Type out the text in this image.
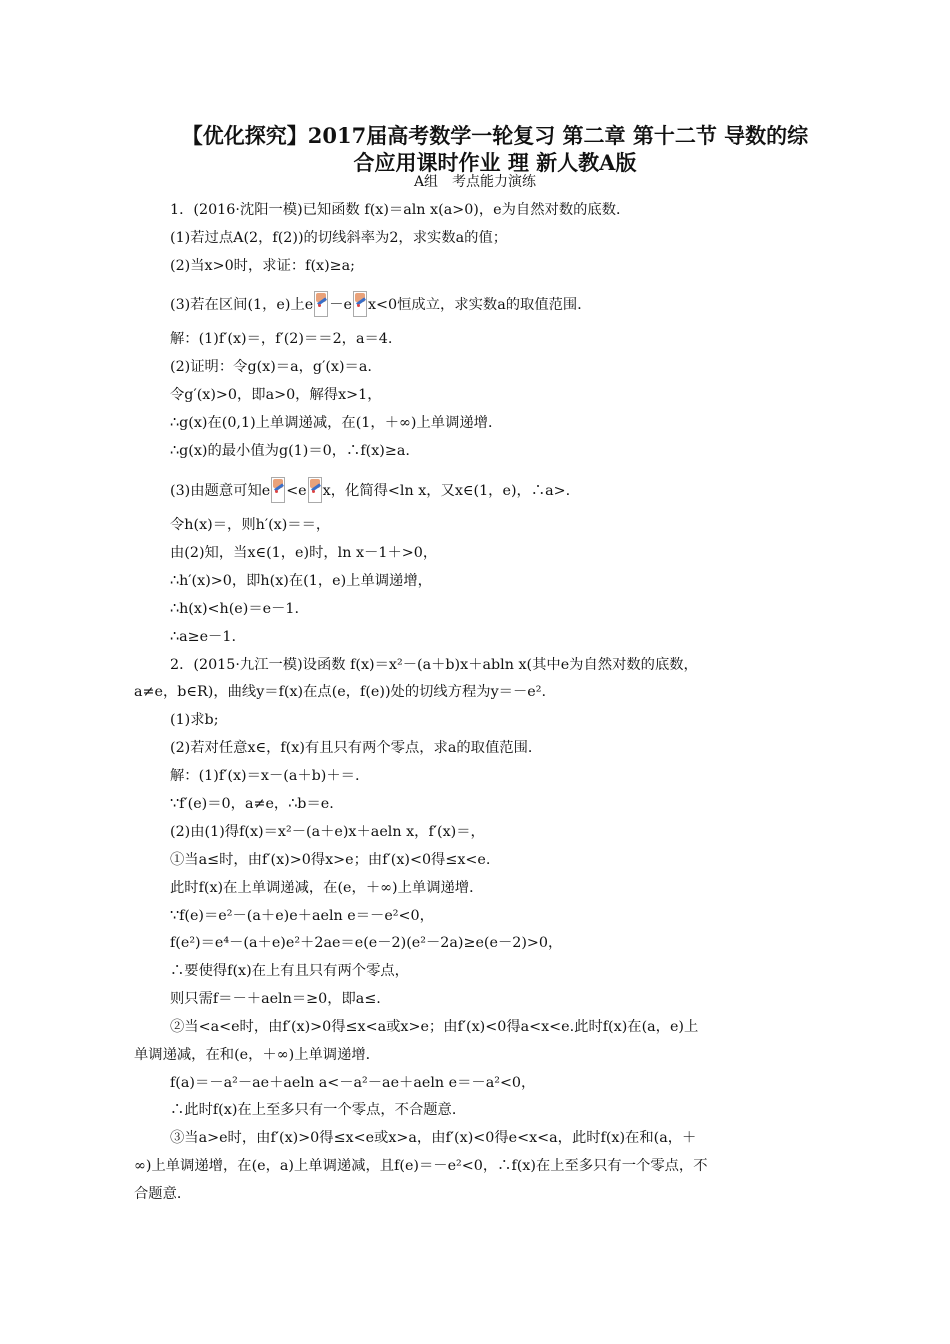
【优化探究】2017届高考数学一轮复习 第二章 第十二节 导数的综
合应用课时作业 理 新人教A版
A组　考点能力演练
1．(2016·沈阳一模)已知函数 f(x)＝aln x(a>0)，e为自然对数的底数．
(1)若过点A(2，f(2))的切线斜率为2，求实数a的值；
(2)当x>0时，求证：f(x)≥a;
(3)若在区间(1，e)上e －e x<0恒成立，求实数a的取值范围．
解：(1)f′(x)＝，f′(2)＝＝2，a＝4.
(2)证明：令g(x)＝a，g′(x)＝a.
令g′(x)>0，即a>0，解得x>1，
∴g(x)在(0,1)上单调递减，在(1，＋∞)上单调递增．
∴g(x)的最小值为g(1)＝0，∴f(x)≥a.
(3)由题意可知e <e x，化简得<ln x，又x∈(1，e)，∴a>.
令h(x)＝，则h′(x)＝＝，
由(2)知，当x∈(1，e)时，ln x－1＋>0，
∴h′(x)>0，即h(x)在(1，e)上单调递增，
∴h(x)<h(e)＝e－1.
∴a≥e－1.
2．(2015·九江一模)设函数 f(x)＝x²－(a＋b)x＋abln x(其中e为自然对数的底数，
a≠e，b∈R)，曲线y＝f(x)在点(e，f(e))处的切线方程为y＝－e².
(1)求b;
(2)若对任意x∈，f(x)有且只有两个零点，求a的取值范围．
解：(1)f′(x)＝x－(a＋b)＋＝.
∵f′(e)＝0，a≠e，∴b＝e.
(2)由(1)得f(x)＝x²－(a＋e)x＋aeln x，f′(x)＝，
①当a≤时，由f′(x)>0得x>e；由f′(x)<0得≤x<e.
此时f(x)在上单调递减，在(e，＋∞)上单调递增．
∵f(e)＝e²－(a＋e)e＋aeln e＝－e²<0，
f(e²)＝e⁴－(a＋e)e²＋2ae＝e(e－2)(e²－2a)≥e(e－2)>0，
∴要使得f(x)在上有且只有两个零点，
则只需f＝－＋aeln＝≥0，即a≤.
②当<a<e时，由f′(x)>0得≤x<a或x>e；由f′(x)<0得a<x<e.此时f(x)在(a，e)上
单调递减，在和(e，＋∞)上单调递增．
f(a)＝－a²－ae＋aeln a<－a²－ae＋aeln e＝－a²<0，
∴此时f(x)在上至多只有一个零点，不合题意．
③当a>e时，由f′(x)>0得≤x<e或x>a，由f′(x)<0得e<x<a，此时f(x)在和(a，＋
∞)上单调递增，在(e，a)上单调递减，且f(e)＝－e²<0，∴f(x)在上至多只有一个零点，不
合题意．
